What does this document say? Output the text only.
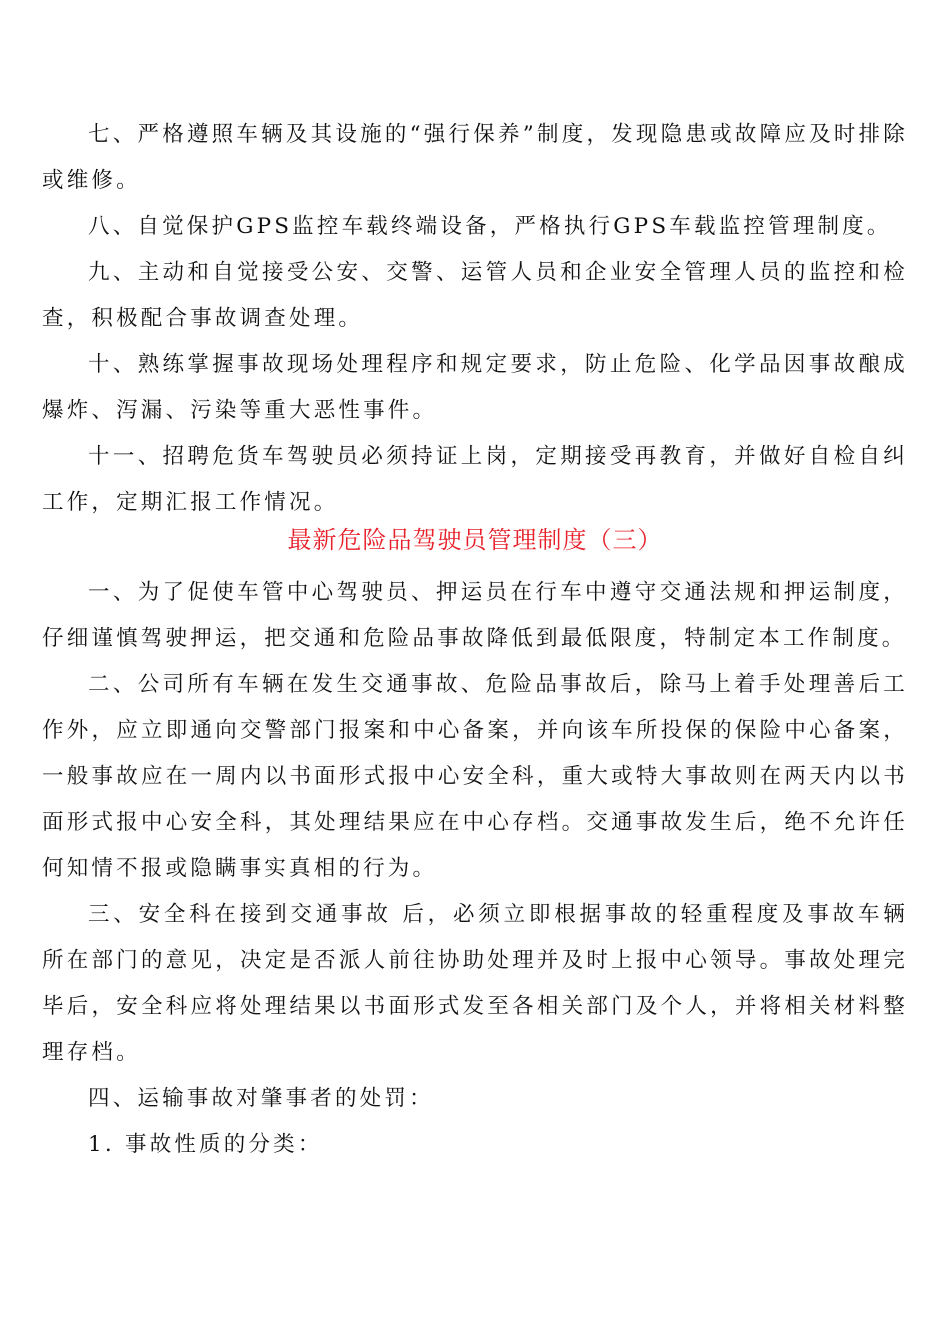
七、严格遵照车辆及其设施的“强行保养”制度，发现隐患或故障应及时排除或维修。

八、自觉保护GPS监控车载终端设备，严格执行GPS车载监控管理制度。

九、主动和自觉接受公安、交警、运管人员和企业安全管理人员的监控和检查，积极配合事故调查处理。

十、熟练掌握事故现场处理程序和规定要求，防止危险、化学品因事故酿成爆炸、泻漏、污染等重大恶性事件。

十一、招聘危货车驾驶员必须持证上岗，定期接受再教育，并做好自检自纠工作，定期汇报工作情况。

最新危险品驾驶员管理制度（三）

一、为了促使车管中心驾驶员、押运员在行车中遵守交通法规和押运制度，仔细谨慎驾驶押运，把交通和危险品事故降低到最低限度，特制定本工作制度。

二、公司所有车辆在发生交通事故、危险品事故后，除马上着手处理善后工作外，应立即通向交警部门报案和中心备案，并向该车所投保的保险中心备案，一般事故应在一周内以书面形式报中心安全科，重大或特大事故则在两天内以书面形式报中心安全科，其处理结果应在中心存档。交通事故发生后，绝不允许任何知情不报或隐瞒事实真相的行为。

三、安全科在接到交通事故 后，必须立即根据事故的轻重程度及事故车辆所在部门的意见，决定是否派人前往协助处理并及时上报中心领导。事故处理完毕后，安全科应将处理结果以书面形式发至各相关部门及个人，并将相关材料整理存档。

四、运输事故对肇事者的处罚：

1. 事故性质的分类：
